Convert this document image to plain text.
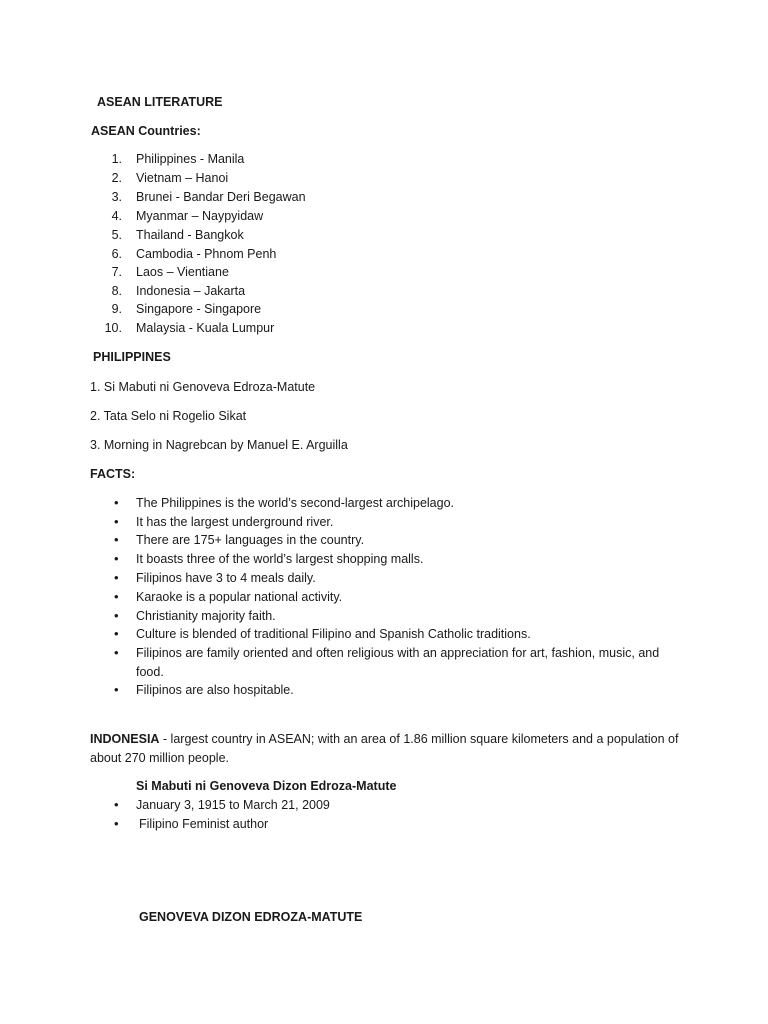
ASEAN LITERATURE
ASEAN Countries:
1. Philippines - Manila
2. Vietnam – Hanoi
3. Brunei - Bandar Deri Begawan
4. Myanmar – Naypyidaw
5. Thailand - Bangkok
6. Cambodia - Phnom Penh
7. Laos – Vientiane
8. Indonesia – Jakarta
9. Singapore - Singapore
10. Malaysia - Kuala Lumpur
PHILIPPINES
1. Si Mabuti ni Genoveva Edroza-Matute
2. Tata Selo ni Rogelio Sikat
3. Morning in Nagrebcan by Manuel E. Arguilla
FACTS:
•	The Philippines is the world’s second-largest archipelago.
•	It has the largest underground river.
•	There are 175+ languages in the country.
•	It boasts three of the world’s largest shopping malls.
•	Filipinos have 3 to 4 meals daily.
•	Karaoke is a popular national activity.
•	Christianity majority faith.
•	Culture is blended of traditional Filipino and Spanish Catholic traditions.
•	Filipinos are family oriented and often religious with an appreciation for art, fashion, music, and food.
•	Filipinos are also hospitable.
INDONESIA - largest country in ASEAN; with an area of 1.86 million square kilometers and a population of about 270 million people.
Si Mabuti ni Genoveva Dizon Edroza-Matute
•	January 3, 1915 to March 21, 2009
•	Filipino Feminist author
GENOVEVA DIZON EDROZA-MATUTE
